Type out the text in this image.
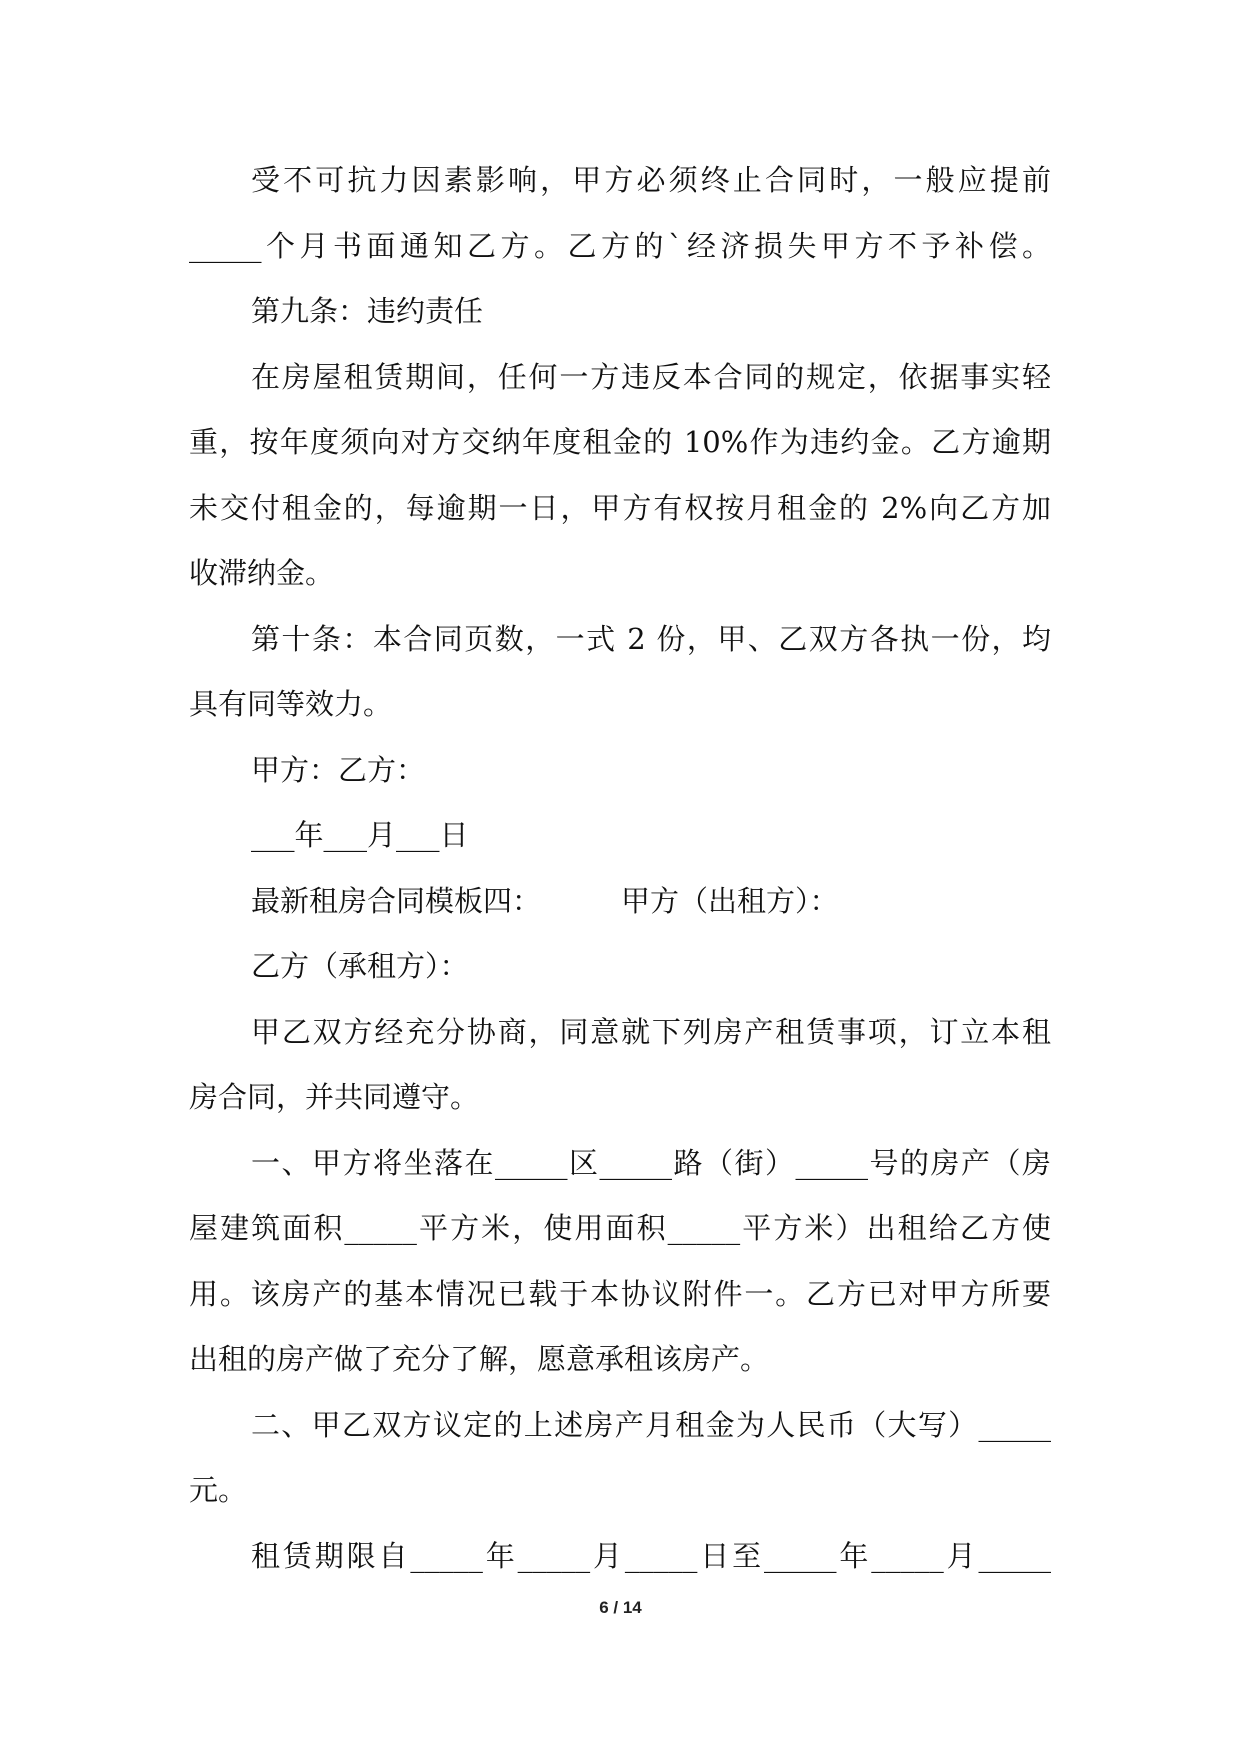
受不可抗力因素影响，甲方必须终止合同时，一般应提前
_____个月书面通知乙方。乙方的`经济损失甲方不予补偿。
第九条：违约责任
在房屋租赁期间，任何一方违反本合同的规定，依据事实轻
重，按年度须向对方交纳年度租金的 10%作为违约金。乙方逾期
未交付租金的，每逾期一日，甲方有权按月租金的 2%向乙方加
收滞纳金。
第十条：本合同页数，一式 2 份，甲、乙双方各执一份，均
具有同等效力。
甲方：乙方：
___年___月___日
最新租房合同模板四：	甲方（出租方）：
乙方（承租方）：
甲乙双方经充分协商，同意就下列房产租赁事项，订立本租
房合同，并共同遵守。
一、甲方将坐落在_____区_____路（街）_____号的房产（房
屋建筑面积_____平方米，使用面积_____平方米）出租给乙方使
用。该房产的基本情况已载于本协议附件一。乙方已对甲方所要
出租的房产做了充分了解，愿意承租该房产。
二、甲乙双方议定的上述房产月租金为人民币（大写）_____
元。
租赁期限自_____年_____月_____日至_____年_____月_____
6 / 14
